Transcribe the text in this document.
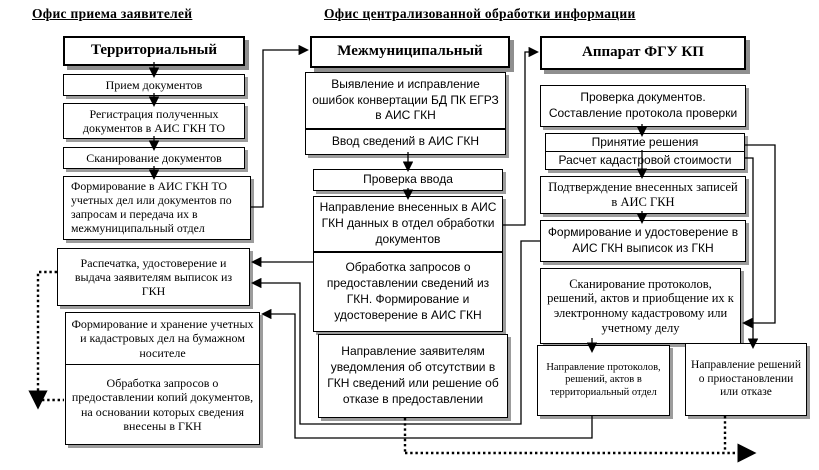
Офис приема заявителей	Офис централизованной обработки информации
Территориальный
Прием документов
Регистрация полученных документов в АИС ГКН ТО
Сканирование документов
Формирование в АИС ГКН ТО учетных дел или документов по запросам и передача их в межмуниципальный отдел
Распечатка, удостоверение и выдача заявителям выписок из ГКН
Формирование и хранение учетных и кадастровых дел на бумажном носителе
Обработка запросов о предоставлении копий документов, на основании которых сведения внесены в ГКН
Межмуниципальный
Выявление и исправление ошибок конвертации БД ПК ЕГРЗ в АИС ГКН
Ввод сведений в АИС ГКН
Проверка ввода
Направление внесенных в АИС ГКН данных в отдел обработки документов
Обработка запросов о предоставлении сведений из ГКН. Формирование и удостоверение в АИС ГКН
Направление заявителям уведомления об отсутствии в ГКН сведений или решение об отказе в предоставлении
Аппарат ФГУ КП
Проверка документов. Составление протокола проверки
Принятие решения
Расчет кадастровой стоимости
Подтверждение внесенных записей в АИС ГКН
Формирование и удостоверение в АИС ГКН выписок из ГКН
Сканирование протоколов, решений, актов и приобщение их к электронному кадастровому или учетному делу
Направление протоколов, решений, актов в территориальный отдел
Направление решений о приостановлении или отказе
